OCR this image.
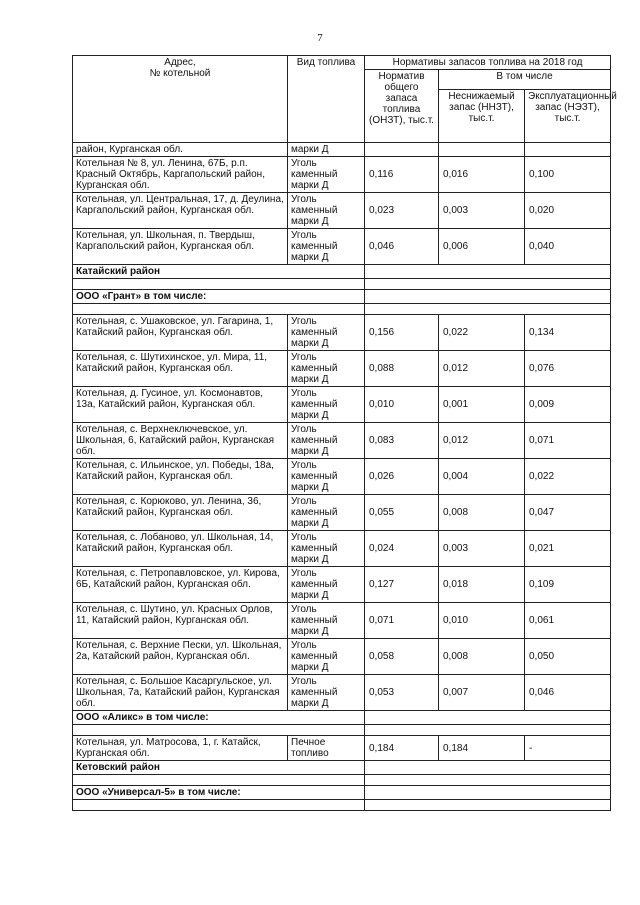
7
Адрес,
№ котельной	Вид топлива	Нормативы запасов топлива на 2018 год		
		Норматив общего запаса топлива (ОНЗТ), тыс.т.	В том числе	
			Неснижаемый запас (ННЗТ), тыс.т.	Эксплуатационный запас (НЭЗТ), тыс.т.
район, Курганская обл.	марки Д			
Котельная № 8, ул. Ленина, 67Б, р.п. Красный Октябрь, Каргапольский район, Курганская обл.	Уголь каменный марки Д	0,116	0,016	0,100
Котельная, ул. Центральная, 17, д. Деулина, Каргапольский район, Курганская обл.	Уголь каменный марки Д	0,023	0,003	0,020
Котельная, ул. Школьная, п. Твердыш, Каргапольский район, Курганская обл.	Уголь каменный марки Д	0,046	0,006	0,040
Катайский район				

ООО «Грант» в том числе:				

Котельная, с. Ушаковское, ул. Гагарина, 1, Катайский район, Курганская обл.	Уголь каменный марки Д	0,156	0,022	0,134
Котельная, с. Шутихинское, ул. Мира, 11, Катайский район, Курганская обл.	Уголь каменный марки Д	0,088	0,012	0,076
Котельная, д. Гусиное, ул. Космонавтов, 13а, Катайский район, Курганская обл.	Уголь каменный марки Д	0,010	0,001	0,009
Котельная, с. Верхнеключевское, ул. Школьная, 6, Катайский район, Курганская обл.	Уголь каменный марки Д	0,083	0,012	0,071
Котельная, с. Ильинское, ул. Победы, 18а, Катайский район, Курганская обл.	Уголь каменный марки Д	0,026	0,004	0,022
Котельная, с. Корюково, ул. Ленина, 36, Катайский район, Курганская обл.	Уголь каменный марки Д	0,055	0,008	0,047
Котельная, с. Лобаново, ул. Школьная, 14, Катайский район, Курганская обл.	Уголь каменный марки Д	0,024	0,003	0,021
Котельная, с. Петропавловское, ул. Кирова, 6Б, Катайский район, Курганская обл.	Уголь каменный марки Д	0,127	0,018	0,109
Котельная, с. Шутино, ул. Красных Орлов, 11, Катайский район, Курганская обл.	Уголь каменный марки Д	0,071	0,010	0,061
Котельная, с. Верхние Пески, ул. Школьная, 2а, Катайский район, Курганская обл.	Уголь каменный марки Д	0,058	0,008	0,050
Котельная, с. Большое Касаргульское, ул. Школьная, 7а, Катайский район, Курганская обл.	Уголь каменный марки Д	0,053	0,007	0,046
ООО «Аликс» в том числе:				

Котельная, ул. Матросова, 1, г. Катайск, Курганская обл.	Печное топливо	0,184	0,184	-
Кетовский район				

ООО «Универсал-5» в том числе:				
